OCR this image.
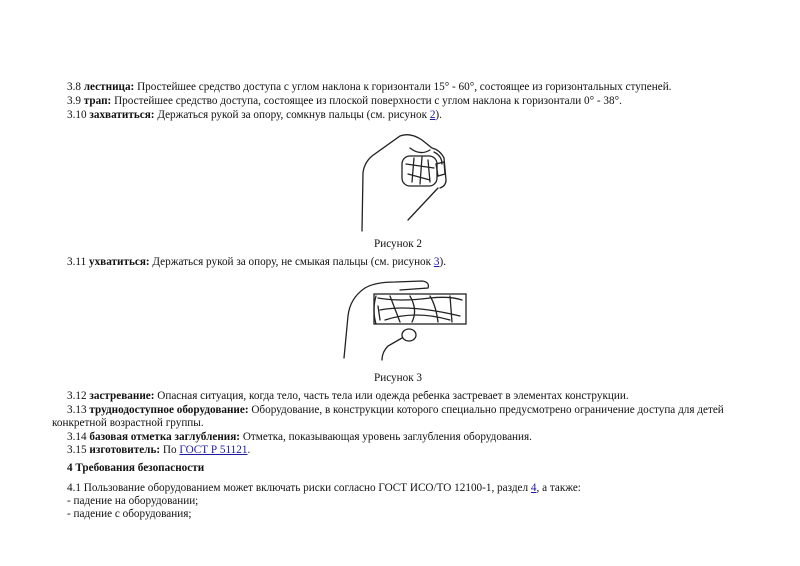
3.8 лестница: Простейшее средство доступа с углом наклона к горизонтали 15° - 60°, состоящее из горизонтальных ступеней.
3.9 трап: Простейшее средство доступа, состоящее из плоской поверхности с углом наклона к горизонтали 0° - 38°.
3.10 захватиться: Держаться рукой за опору, сомкнув пальцы (см. рисунок 2).
Рисунок 2
3.11 ухватиться: Держаться рукой за опору, не смыкая пальцы (см. рисунок 3).
Рисунок 3
3.12 застревание: Опасная ситуация, когда тело, часть тела или одежда ребенка застревает в элементах конструкции.
3.13 труднодоступное оборудование: Оборудование, в конструкции которого специально предусмотрено ограничение доступа для детей
конкретной возрастной группы.
3.14 базовая отметка заглубления: Отметка, показывающая уровень заглубления оборудования.
3.15 изготовитель: По ГОСТ Р 51121.
4 Требования безопасности
4.1 Пользование оборудованием может включать риски согласно ГОСТ ИСО/ТО 12100-1, раздел 4, а также:
- падение на оборудовании;
- падение с оборудования;
